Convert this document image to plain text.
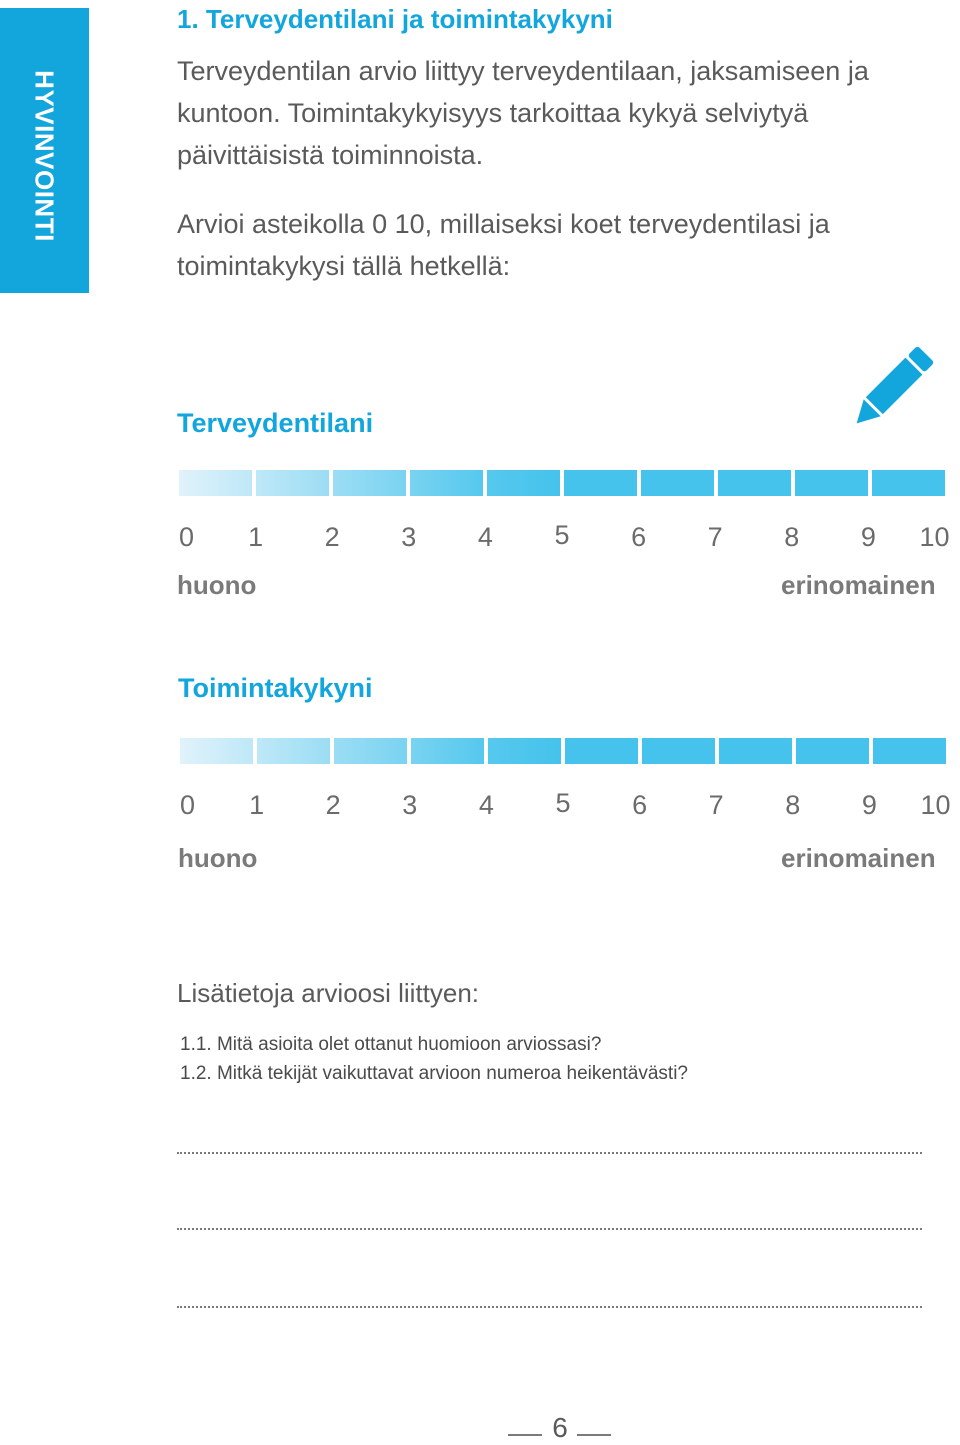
HYVINVOINTI
1. Terveydentilani ja toimintakykyni

Terveydentilan arvio liittyy terveydentilaan, jaksamiseen ja kuntoon. Toimintakykyisyys tarkoittaa kykyä selviytyä päivittäisistä toiminnoista.

Arvioi asteikolla 0 10, millaiseksi koet terveydentilasi ja toimintakykysi tällä hetkellä:

Terveydentilani
0 1 2 3 4 5 6 7 8 9 10
huono	erinomainen
Toimintakykyni
0 1 2 3 4 5 6 7 8 9 10
huono	erinomainen
Lisätietoja arvioosi liittyen:
1.1. Mitä asioita olet ottanut huomioon arviossasi?
1.2. Mitkä tekijät vaikuttavat arvioon numeroa heikentävästi?
6
